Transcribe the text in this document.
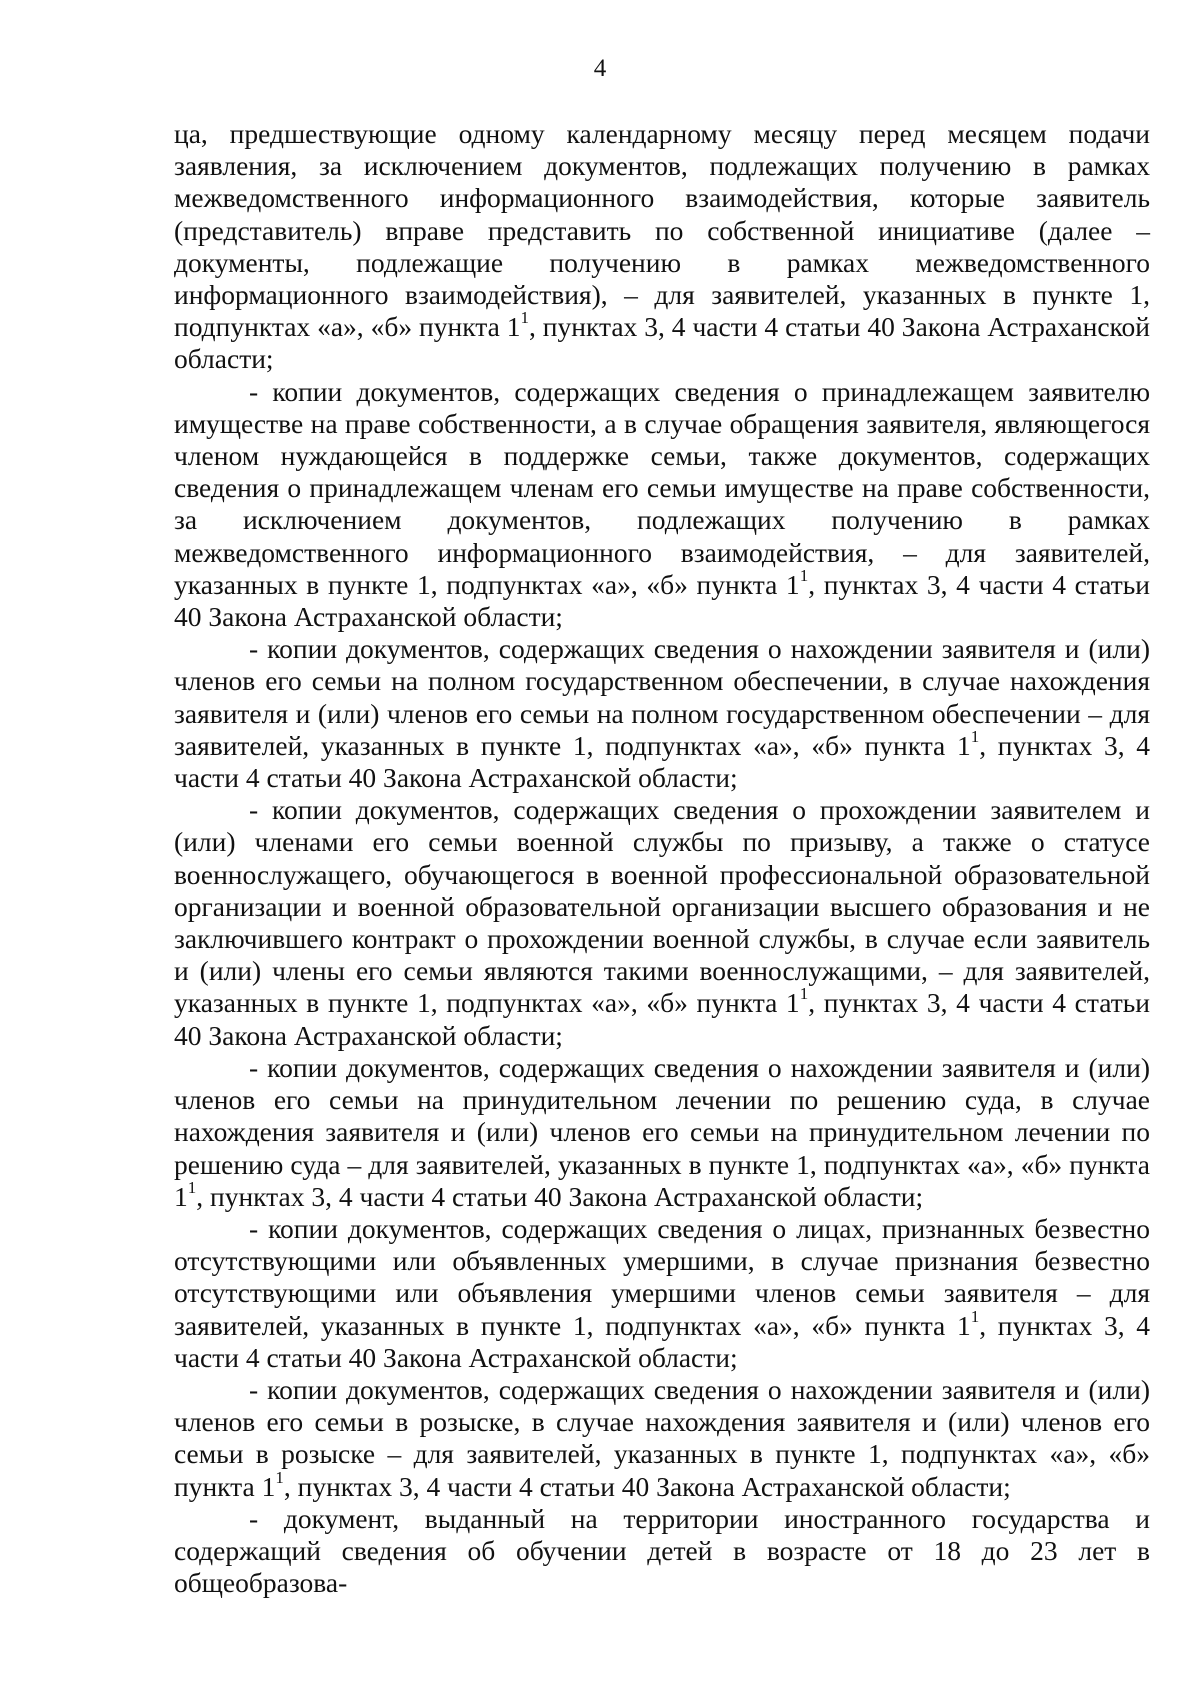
4

ца, предшествующие одному календарному месяцу перед месяцем подачи заявления, за исключением документов, подлежащих получению в рамках межведомственного информационного взаимодействия, которые заявитель (представитель) вправе представить по собственной инициативе (далее – документы, подлежащие получению в рамках межведомственного информационного взаимодействия), – для заявителей, указанных в пункте 1, подпунктах «а», «б» пункта $1^1$, пунктах 3, 4 части 4 статьи 40 Закона Астраханской области;

- копии документов, содержащих сведения о принадлежащем заявителю имуществе на праве собственности, а в случае обращения заявителя, являющегося членом нуждающейся в поддержке семьи, также документов, содержащих сведения о принадлежащем членам его семьи имуществе на праве собственности, за исключением документов, подлежащих получению в рамках межведомственного информационного взаимодействия, – для заявителей, указанных в пункте 1, подпунктах «а», «б» пункта $1^1$, пунктах 3, 4 части 4 статьи 40 Закона Астраханской области;

- копии документов, содержащих сведения о нахождении заявителя и (или) членов его семьи на полном государственном обеспечении, в случае нахождения заявителя и (или) членов его семьи на полном государственном обеспечении – для заявителей, указанных в пункте 1, подпунктах «а», «б» пункта $1^1$, пунктах 3, 4 части 4 статьи 40 Закона Астраханской области;

- копии документов, содержащих сведения о прохождении заявителем и (или) членами его семьи военной службы по призыву, а также о статусе военнослужащего, обучающегося в военной профессиональной образовательной организации и военной образовательной организации высшего образования и не заключившего контракт о прохождении военной службы, в случае если заявитель и (или) члены его семьи являются такими военнослужащими, – для заявителей, указанных в пункте 1, подпунктах «а», «б» пункта $1^1$, пунктах 3, 4 части 4 статьи 40 Закона Астраханской области;

- копии документов, содержащих сведения о нахождении заявителя и (или) членов его семьи на принудительном лечении по решению суда, в случае нахождения заявителя и (или) членов его семьи на принудительном лечении по решению суда – для заявителей, указанных в пункте 1, подпунктах «а», «б» пункта $1^1$, пунктах 3, 4 части 4 статьи 40 Закона Астраханской области;

- копии документов, содержащих сведения о лицах, признанных безвестно отсутствующими или объявленных умершими, в случае признания безвестно отсутствующими или объявления умершими членов семьи заявителя – для заявителей, указанных в пункте 1, подпунктах «а», «б» пункта $1^1$, пунктах 3, 4 части 4 статьи 40 Закона Астраханской области;

- копии документов, содержащих сведения о нахождении заявителя и (или) членов его семьи в розыске, в случае нахождения заявителя и (или) членов его семьи в розыске – для заявителей, указанных в пункте 1, подпунктах «а», «б» пункта $1^1$, пунктах 3, 4 части 4 статьи 40 Закона Астраханской области;

- документ, выданный на территории иностранного государства и содержащий сведения об обучении детей в возрасте от 18 до 23 лет в общеобразова-
